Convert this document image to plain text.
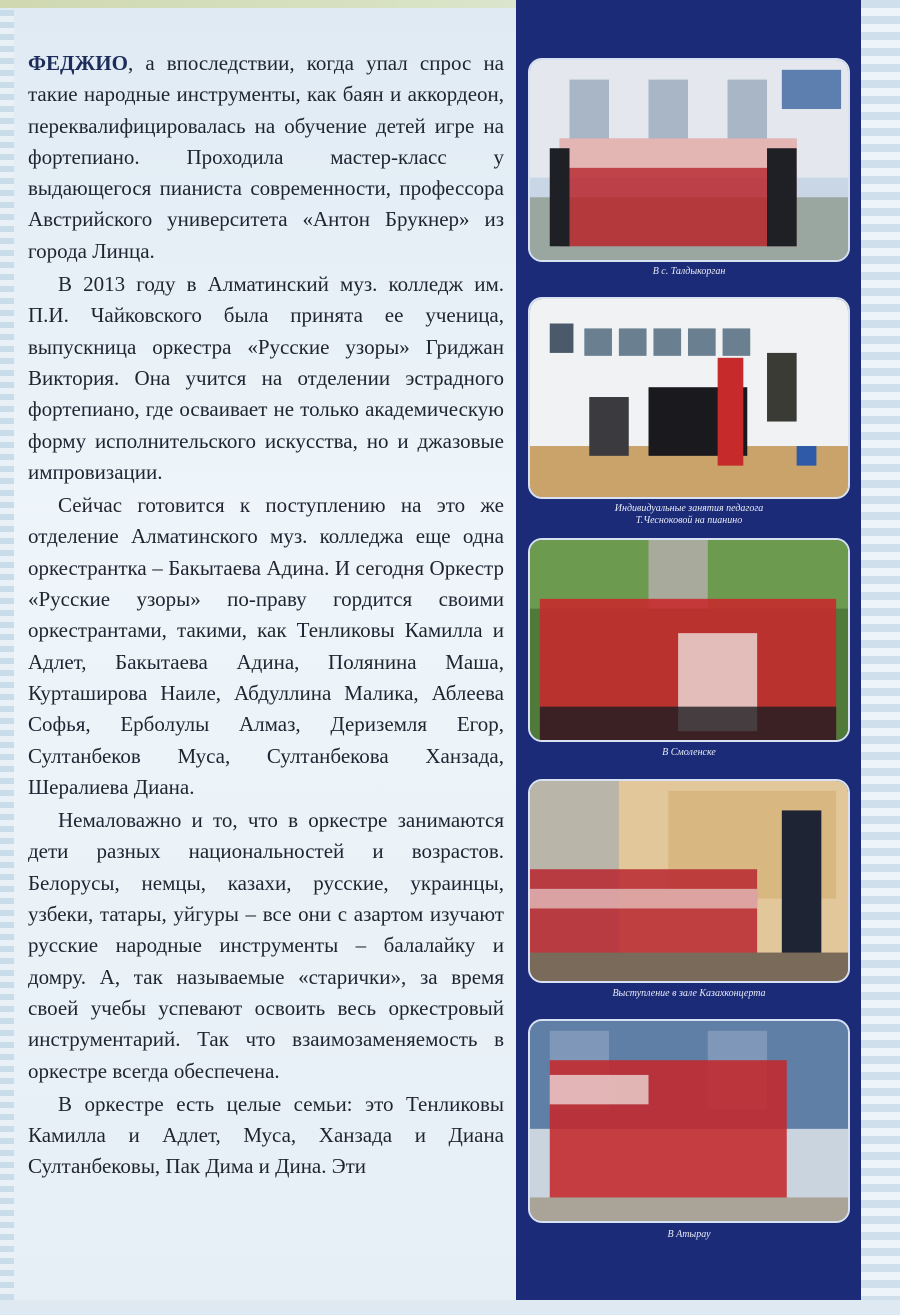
ФЕДЖИО, а впоследствии, когда упал спрос на такие народные инструменты, как баян и аккордеон, переквалифицировалась на обучение детей игре на фортепиано. Проходила мастер-класс у выдающегося пианиста современности, профессора Австрийского университета «Антон Брукнер» из города Линца.

В 2013 году в Алматинский муз. колледж им. П.И. Чайковского была принята ее ученица, выпускница оркестра «Русские узоры» Гриджан Виктория. Она учится на отделении эстрадного фортепиано, где осваивает не только академическую форму исполнительского искусства, но и джазовые импровизации.

Сейчас готовится к поступлению на это же отделение Алматинского муз. колледжа еще одна оркестрантка – Бакытаева Адина. И сегодня Оркестр «Русские узоры» по-праву гордится своими оркестрантами, такими, как Тенликовы Камилла и Адлет, Бакытаева Адина, Полянина Маша, Курташирова Наиле, Абдуллина Малика, Аблеева Софья, Ерболулы Алмаз, Дериземля Егор, Султанбеков Муса, Султанбекова Ханзада, Шералиева Диана.

Немаловажно и то, что в оркестре занимаются дети разных национальностей и возрастов. Белорусы, немцы, казахи, русские, украинцы, узбеки, татары, уйгуры – все они с азартом изучают русские народные инструменты – балалайку и домру. А, так называемые «старички», за время своей учебы успевают освоить весь оркестровый инструментарий. Так что взаимозаменяемость в оркестре всегда обеспечена.

В оркестре есть целые семьи: это Тенликовы Камилла и Адлет, Муса, Ханзада и Диана Султанбековы, Пак Дима и Дина. Эти

В с. Талдыкорган
Индивидуальные занятия педагога
Т.Чесноковой на пианино
В Смоленске
Выступление в зале Казахконцерта
В Атырау
